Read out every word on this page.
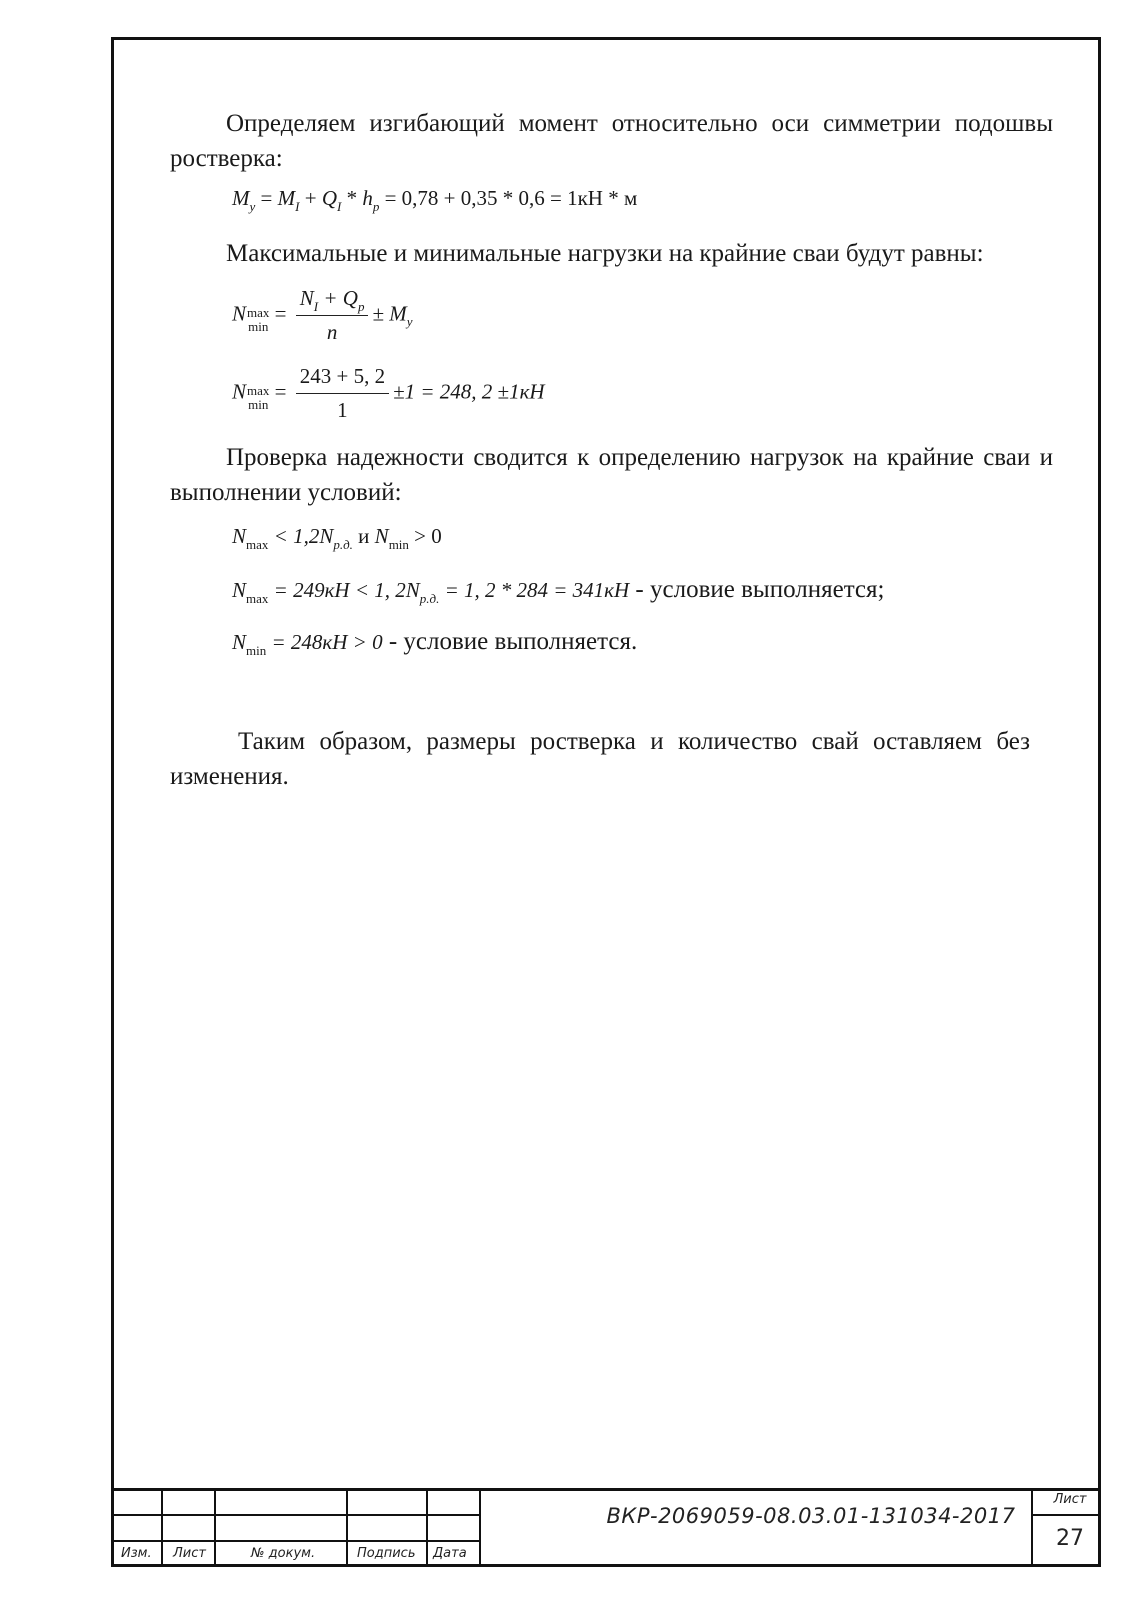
Определяем изгибающий момент относительно оси симметрии подошвы ростверка:

Максимальные и минимальные нагрузки на крайние сваи будут равны:

Проверка надежности сводится к определению нагрузок на крайние сваи и выполнении условий:

Таким образом, размеры ростверка и количество свай оставляем без изменения.

$M_y = M_I + Q_I * h_p = 0,78 + 0,35 * 0,6 = 1кН * м$
N max
min
= $\frac{N_I + Q_p}{n} \pm M_y$
N max
min
= $\frac{243 + 5, 2}{1} \pm 1 = 248$, 2 ±1кН
$N_{max} < 1,2N_{р.д.}$ и $N_{min} > 0$
$N_{max} = 249кН < 1$, $2N_{р.д.} = 1$, 2 * 284 = 341кН - условие выполняется;
$N_{min} = 248кН > 0$ - условие выполняется.
Изм. Лист	№ докум.	Подпись Дата
ВКР-2069059-08.03.01-131034-2017
Лист
27
